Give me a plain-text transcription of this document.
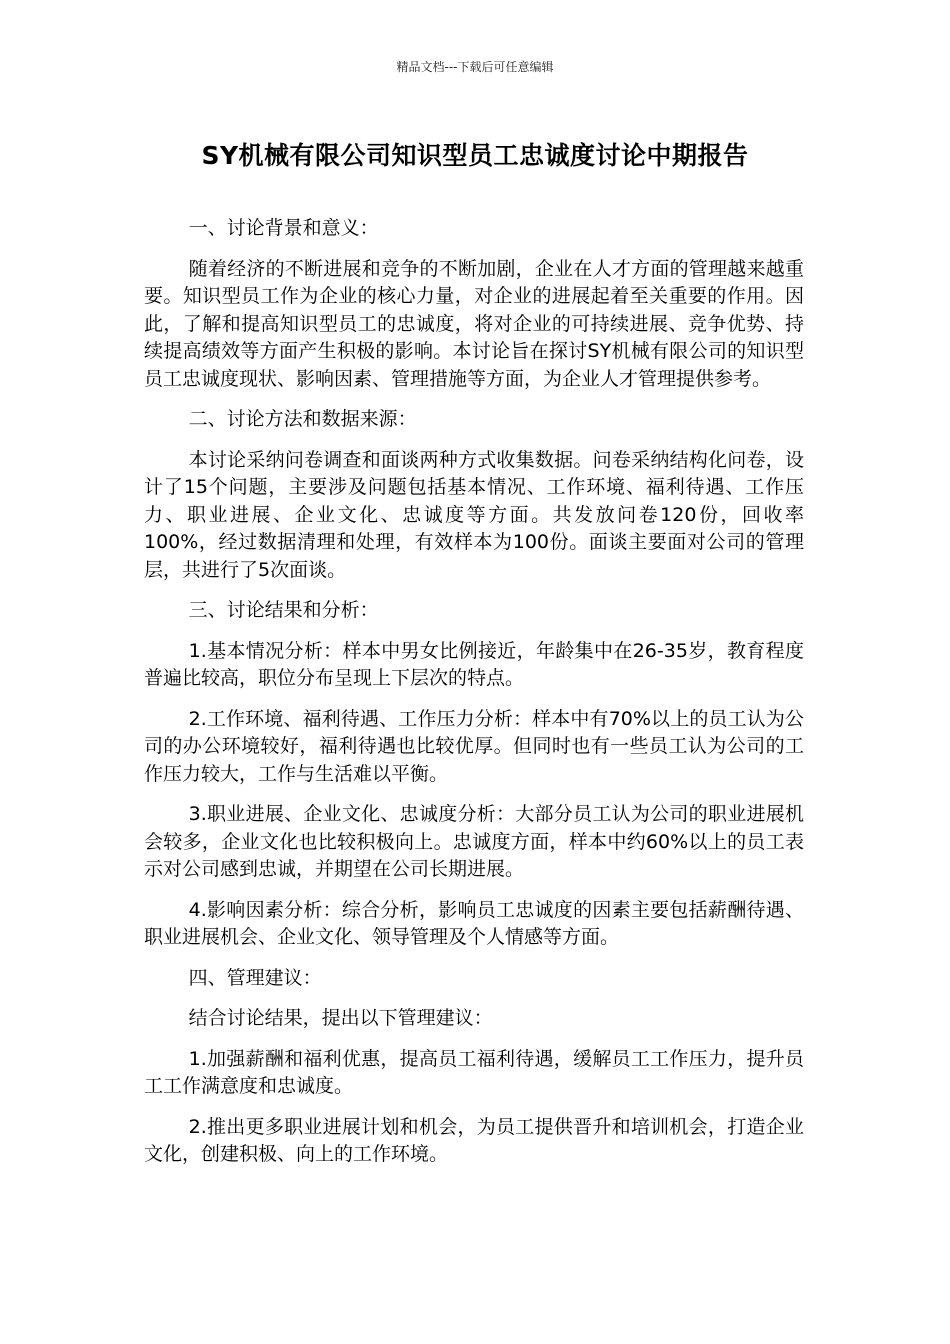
精品文档---下载后可任意编辑
SY机械有限公司知识型员工忠诚度讨论中期报告

一、讨论背景和意义：

随着经济的不断进展和竞争的不断加剧，企业在人才方面的管理越来越重要。知识型员工作为企业的核心力量，对企业的进展起着至关重要的作用。因此，了解和提高知识型员工的忠诚度，将对企业的可持续进展、竞争优势、持续提高绩效等方面产生积极的影响。本讨论旨在探讨SY机械有限公司的知识型员工忠诚度现状、影响因素、管理措施等方面，为企业人才管理提供参考。

二、讨论方法和数据来源：

本讨论采纳问卷调查和面谈两种方式收集数据。问卷采纳结构化问卷，设计了15个问题，主要涉及问题包括基本情况、工作环境、福利待遇、工作压力、职业进展、企业文化、忠诚度等方面。共发放问卷120份，回收率100%，经过数据清理和处理，有效样本为100份。面谈主要面对公司的管理层，共进行了5次面谈。

三、讨论结果和分析：

1.基本情况分析：样本中男女比例接近，年龄集中在26-35岁，教育程度普遍比较高，职位分布呈现上下层次的特点。

2.工作环境、福利待遇、工作压力分析：样本中有70%以上的员工认为公司的办公环境较好，福利待遇也比较优厚。但同时也有一些员工认为公司的工作压力较大，工作与生活难以平衡。

3.职业进展、企业文化、忠诚度分析：大部分员工认为公司的职业进展机会较多，企业文化也比较积极向上。忠诚度方面，样本中约60%以上的员工表示对公司感到忠诚，并期望在公司长期进展。

4.影响因素分析：综合分析，影响员工忠诚度的因素主要包括薪酬待遇、职业进展机会、企业文化、领导管理及个人情感等方面。

四、管理建议：

结合讨论结果，提出以下管理建议：

1.加强薪酬和福利优惠，提高员工福利待遇，缓解员工工作压力，提升员工工作满意度和忠诚度。

2.推出更多职业进展计划和机会，为员工提供晋升和培训机会，打造企业文化，创建积极、向上的工作环境。
